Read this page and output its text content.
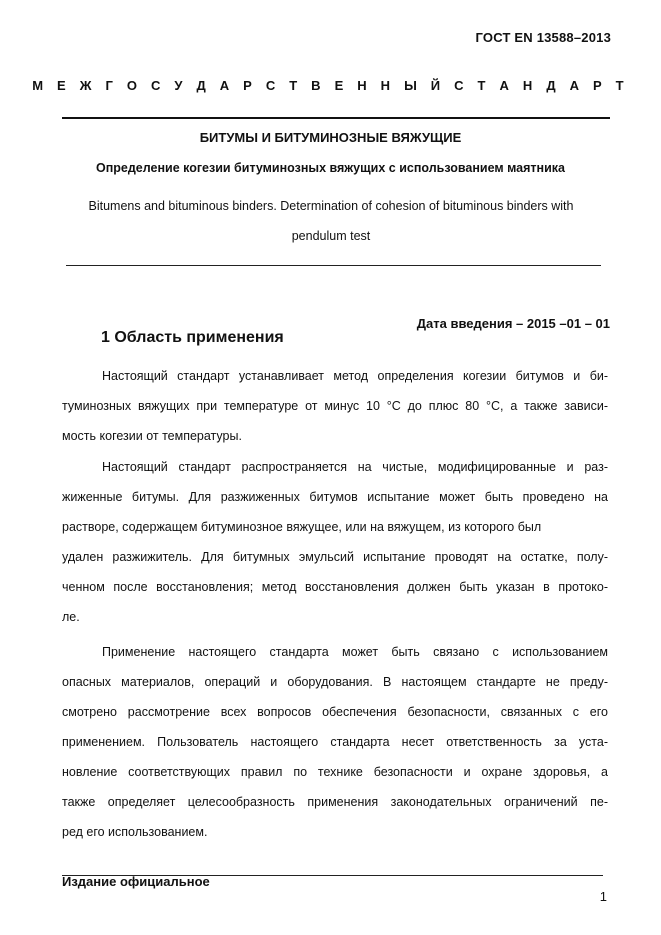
ГОСТ EN 13588–2013
М Е Ж Г О С У Д А Р С Т В Е Н Н Ы Й С Т А Н Д А Р Т
БИТУМЫ И БИТУМИНОЗНЫЕ ВЯЖУЩИЕ
Определение когезии битуминозных вяжущих с использованием маятника
Bitumens and bituminous binders. Determination of cohesion of bituminous binders with
pendulum test
Дата введения – 2015 –01 – 01
1 Область применения
Настоящий стандарт устанавливает метод определения когезии битумов и би-
туминозных вяжущих при температуре от минус 10 °С до плюс 80 °С, а также зависи-
мость когезии от температуры.
Настоящий стандарт распространяется на чистые, модифицированные и раз-
жиженные битумы. Для разжиженных битумов испытание может быть проведено на
растворе, содержащем битуминозное вяжущее, или на вяжущем, из которого был
удален разжижитель. Для битумных эмульсий испытание проводят на остатке, полу-
ченном после восстановления; метод восстановления должен быть указан в протоко-
ле.
Применение настоящего стандарта может быть связано с использованием
опасных материалов, операций и оборудования. В настоящем стандарте не преду-
смотрено рассмотрение всех вопросов обеспечения безопасности, связанных с его
применением. Пользователь настоящего стандарта несет ответственность за уста-
новление соответствующих правил по технике безопасности и охране здоровья, а
также определяет целесообразность применения законодательных ограничений пе-
ред его использованием.
Издание официальное
1
